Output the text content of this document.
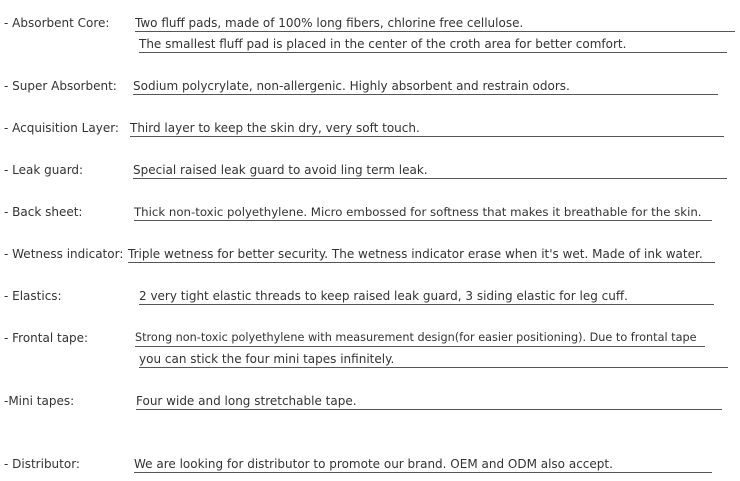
- Absorbent Core: Two fluff pads, made of 100% long fibers, chlorine free cellulose.
The smallest fluff pad is placed in the center of the croth area for better comfort.
- Super Absorbent: Sodium polycrylate, non-allergenic. Highly absorbent and restrain odors.
- Acquisition Layer: Third layer to keep the skin dry, very soft touch.
- Leak guard:	Special raised leak guard to avoid ling term leak.
- Back sheet:	Thick non-toxic polyethylene. Micro embossed for softness that makes it breathable for the skin.
- Wetness indicator: Triple wetness for better security. The wetness indicator erase when it's wet. Made of ink water.
- Elastics:	2 very tight elastic threads to keep raised leak guard, 3 siding elastic for leg cuff.
- Frontal tape:	Strong non-toxic polyethylene with measurement design(for easier positioning). Due to frontal tape
you can stick the four mini tapes infinitely.
-Mini tapes:	Four wide and long stretchable tape.
- Distributor:	We are looking for distributor to promote our brand. OEM and ODM also accept.
